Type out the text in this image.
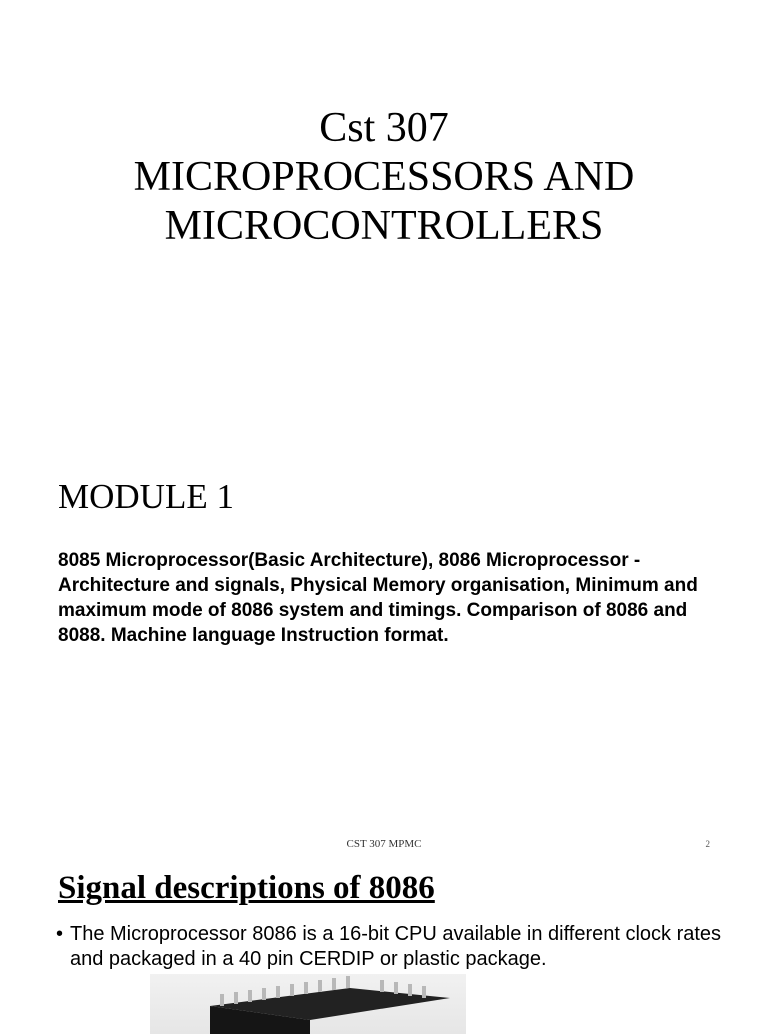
Cst 307
MICROPROCESSORS AND
MICROCONTROLLERS
MODULE 1
8085 Microprocessor(Basic Architecture), 8086 Microprocessor - Architecture and signals, Physical Memory organisation, Minimum and maximum mode of 8086 system and timings. Comparison of 8086 and 8088. Machine language Instruction format.
CST 307 MPMC	2
Signal descriptions of 8086
• The Microprocessor 8086 is a 16-bit CPU available in different clock rates and packaged in a 40 pin CERDIP or plastic package.
